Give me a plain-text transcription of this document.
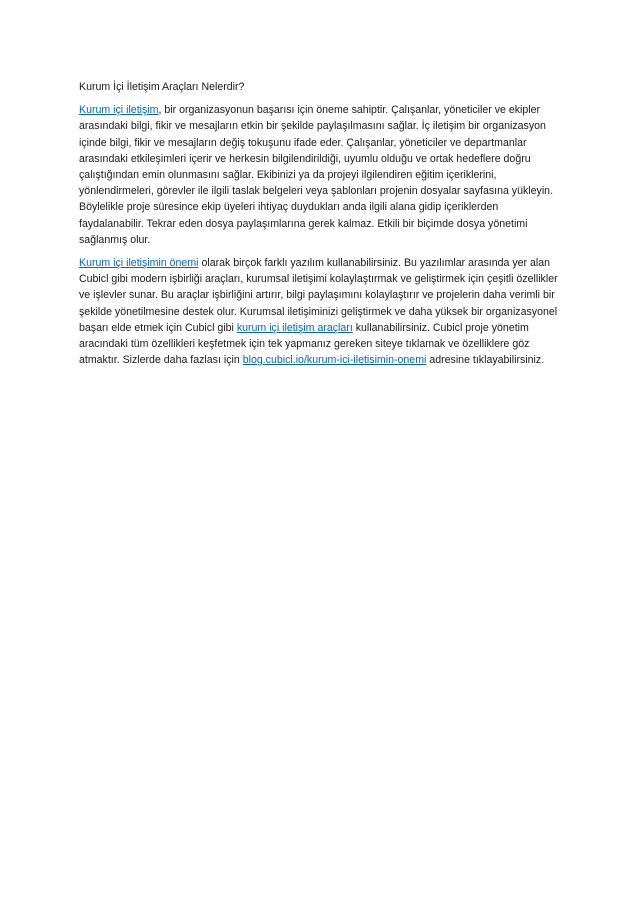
Kurum İçi İletişim Araçları Nelerdir?

Kurum içi iletişim, bir organizasyonun başarısı için öneme sahiptir. Çalışanlar, yöneticiler ve ekipler arasındaki bilgi, fikir ve mesajların etkin bir şekilde paylaşılmasını sağlar. İç iletişim bir organizasyon içinde bilgi, fikir ve mesajların değiş tokuşunu ifade eder. Çalışanlar, yöneticiler ve departmanlar arasındaki etkileşimleri içerir ve herkesin bilgilendirildiği, uyumlu olduğu ve ortak hedeflere doğru çalıştığından emin olunmasını sağlar. Ekibinizi ya da projeyi ilgilendiren eğitim içeriklerini, yönlendirmeleri, görevler ile ilgili taslak belgeleri veya şablonları projenin dosyalar sayfasına yükleyin. Böylelikle proje süresince ekip üyeleri ihtiyaç duydukları anda ilgili alana gidip içeriklerden faydalanabilir. Tekrar eden dosya paylaşımlarına gerek kalmaz. Etkili bir biçimde dosya yönetimi sağlanmış olur.

Kurum içi iletişimin önemi olarak birçok farklı yazılım kullanabilirsiniz. Bu yazılımlar arasında yer alan Cubicl gibi modern işbirliği araçları, kurumsal iletişimi kolaylaştırmak ve geliştirmek için çeşitli özellikler ve işlevler sunar. Bu araçlar işbirliğini artırır, bilgi paylaşımını kolaylaştırır ve projelerin daha verimli bir şekilde yönetilmesine destek olur. Kurumsal iletişiminizi geliştirmek ve daha yüksek bir organizasyonel başarı elde etmek için Cubicl gibi kurum içi iletişim araçları kullanabilirsiniz. Cubicl proje yönetim aracındaki tüm özellikleri keşfetmek için tek yapmanız gereken siteye tıklamak ve özelliklere göz atmaktır. Sizlerde daha fazlası için blog.cubicl.io/kurum-ici-iletisimin-onemi adresine tıklayabilirsiniz.
